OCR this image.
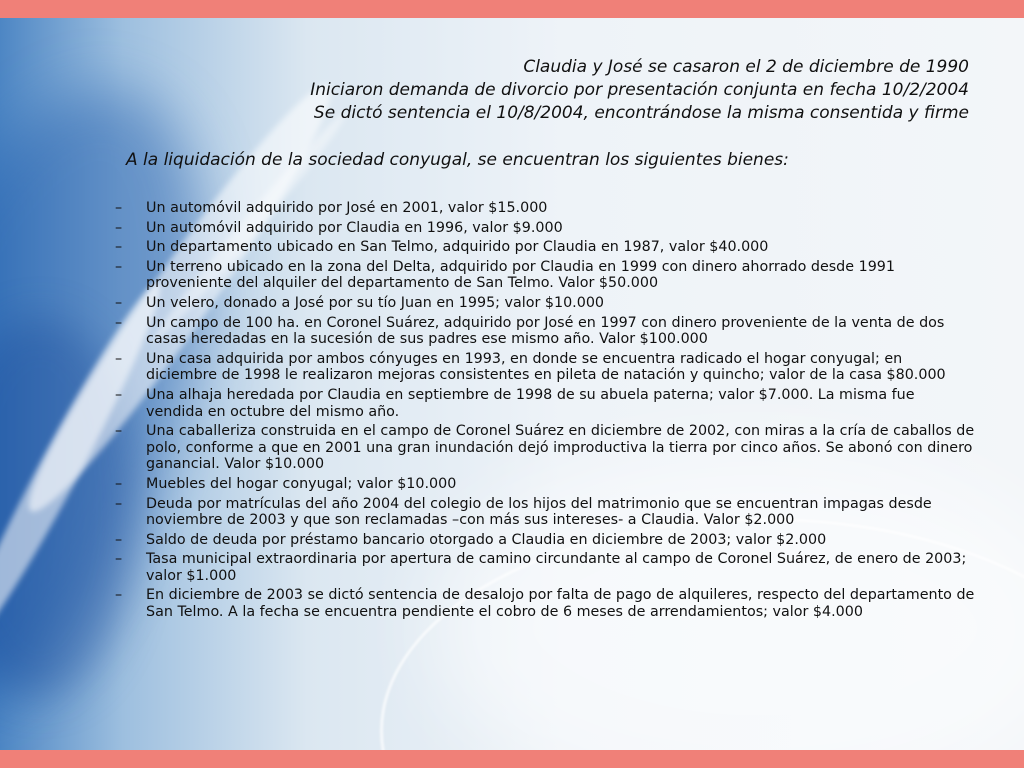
Claudia y José se casaron el 2 de diciembre de 1990
Iniciaron demanda de divorcio por presentación conjunta en fecha 10/2/2004
Se dictó sentencia el 10/8/2004, encontrándose la misma consentida y firme
A la liquidación de la sociedad conyugal, se encuentran los siguientes bienes:
– Un automóvil adquirido por José en 2001, valor $15.000
– Un automóvil adquirido por Claudia en 1996, valor $9.000
– Un departamento ubicado en San Telmo, adquirido por Claudia en 1987, valor $40.000
– Un terreno ubicado en la zona del Delta, adquirido por Claudia en 1999 con dinero ahorrado desde 1991 proveniente del alquiler del departamento de San Telmo. Valor $50.000
– Un velero, donado a José por su tío Juan en 1995; valor $10.000
– Un campo de 100 ha. en Coronel Suárez, adquirido por José en 1997 con dinero proveniente de la venta de dos casas heredadas en la sucesión de sus padres ese mismo año. Valor $100.000
– Una casa adquirida por ambos cónyuges en 1993, en donde se encuentra radicado el hogar conyugal; en diciembre de 1998 le realizaron mejoras consistentes en pileta de natación y quincho; valor de la casa $80.000
– Una alhaja heredada por Claudia en septiembre de 1998 de su abuela paterna; valor $7.000. La misma fue vendida en octubre del mismo año.
– Una caballeriza construida en el campo de Coronel Suárez en diciembre de 2002, con miras a la cría de caballos de polo, conforme a que en 2001 una gran inundación dejó improductiva la tierra por cinco años. Se abonó con dinero ganancial. Valor $10.000
– Muebles del hogar conyugal; valor $10.000
– Deuda por matrículas del año 2004 del colegio de los hijos del matrimonio que se encuentran impagas desde noviembre de 2003 y que son reclamadas –con más sus intereses- a Claudia. Valor $2.000
– Saldo de deuda por préstamo bancario otorgado a Claudia en diciembre de 2003; valor $2.000
– Tasa municipal extraordinaria por apertura de camino circundante al campo de Coronel Suárez, de enero de 2003; valor $1.000
– En diciembre de 2003 se dictó sentencia de desalojo por falta de pago de alquileres, respecto del departamento de San Telmo. A la fecha se encuentra pendiente el cobro de 6 meses de arrendamientos; valor $4.000
